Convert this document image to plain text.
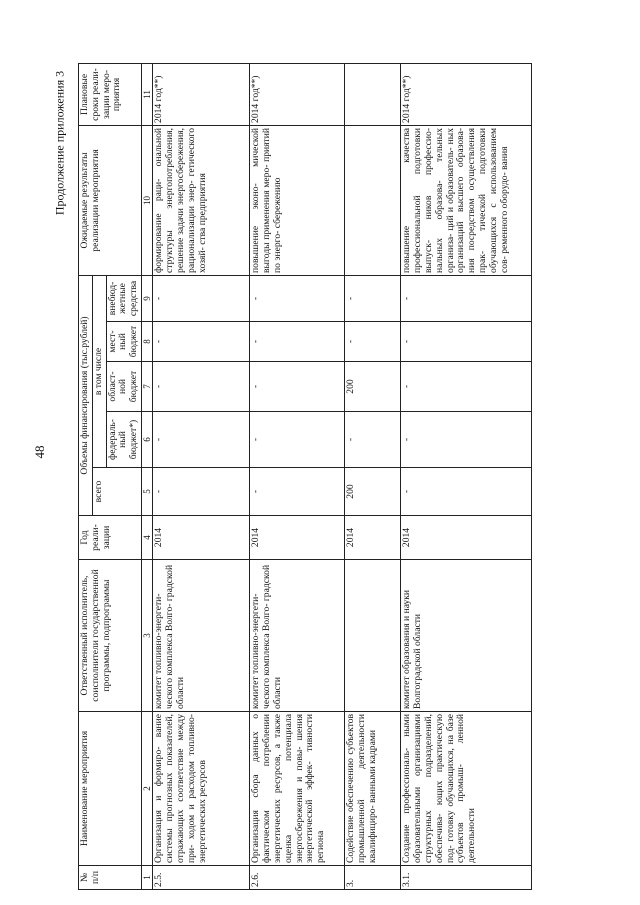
48
Продолжение приложения 3
№ п/п	Наименование мероприятия	Ответственный исполнитель, соисполнители государственной программы, подпрограммы	Год реали- зации	Объемы финансирования (тыс.рублей)					Ожидаемые результаты реализации мероприятия	Плановые сроки реали- зации меро- приятия
				всего	в том числе					
					федераль- ный бюджет*)	област- ной бюджет	мест- ный бюджет	внебюд- жетные средства		
1	2	3	4	5	6	7	8	9	10	11
2.5.	Организация и формиро- вание системы прогнозных показателей, отражающих соответствие между при- ходом и расходом топливно- энергетических ресурсов	комитет топливно-энергети- ческого комплекса Волго- градской области	2014	-	-	-	-	-	формирование раци- ональной структуры энергопотребления, решение задачи энергосбережения, рационализации энер- гетического хозяй- ства предприятия	2014 год**)
2.6.	Организация сбора данных о фактическом потреблении энергетических ресурсов, а также оценка потенциала энергосбережения и повы- шения энергетической эффек- тивности региона	комитет топливно-энергети- ческого комплекса Волго- градской области	2014	-	-	-	-	-	повышение эконо- мической выгоды применения меро- приятий по энерго- сбережению	2014 год**)
3.	Содействие обеспечению субъектов промышленной деятельности квалифициро- ванными кадрами		2014	200	-	200	-	-		
3.1.	Создание профессиональ- ными образовательными организациями структурных подразделений, обеспечива- ющих практическую под- готовку обучающихся, на базе субъектов промыш- ленной деятельности	комитет образования и науки Волгоградской области	2014	-	-	-	-	-	повышение качества профессиональной подготовки выпуск- ников профессио- нальных образова- тельных организа- ций и образователь- ных организаций высшего образова- ния посредством осуществления прак- тической подготовки обучающихся с использованием сов- ременного оборудо- вания	2014 год**)
